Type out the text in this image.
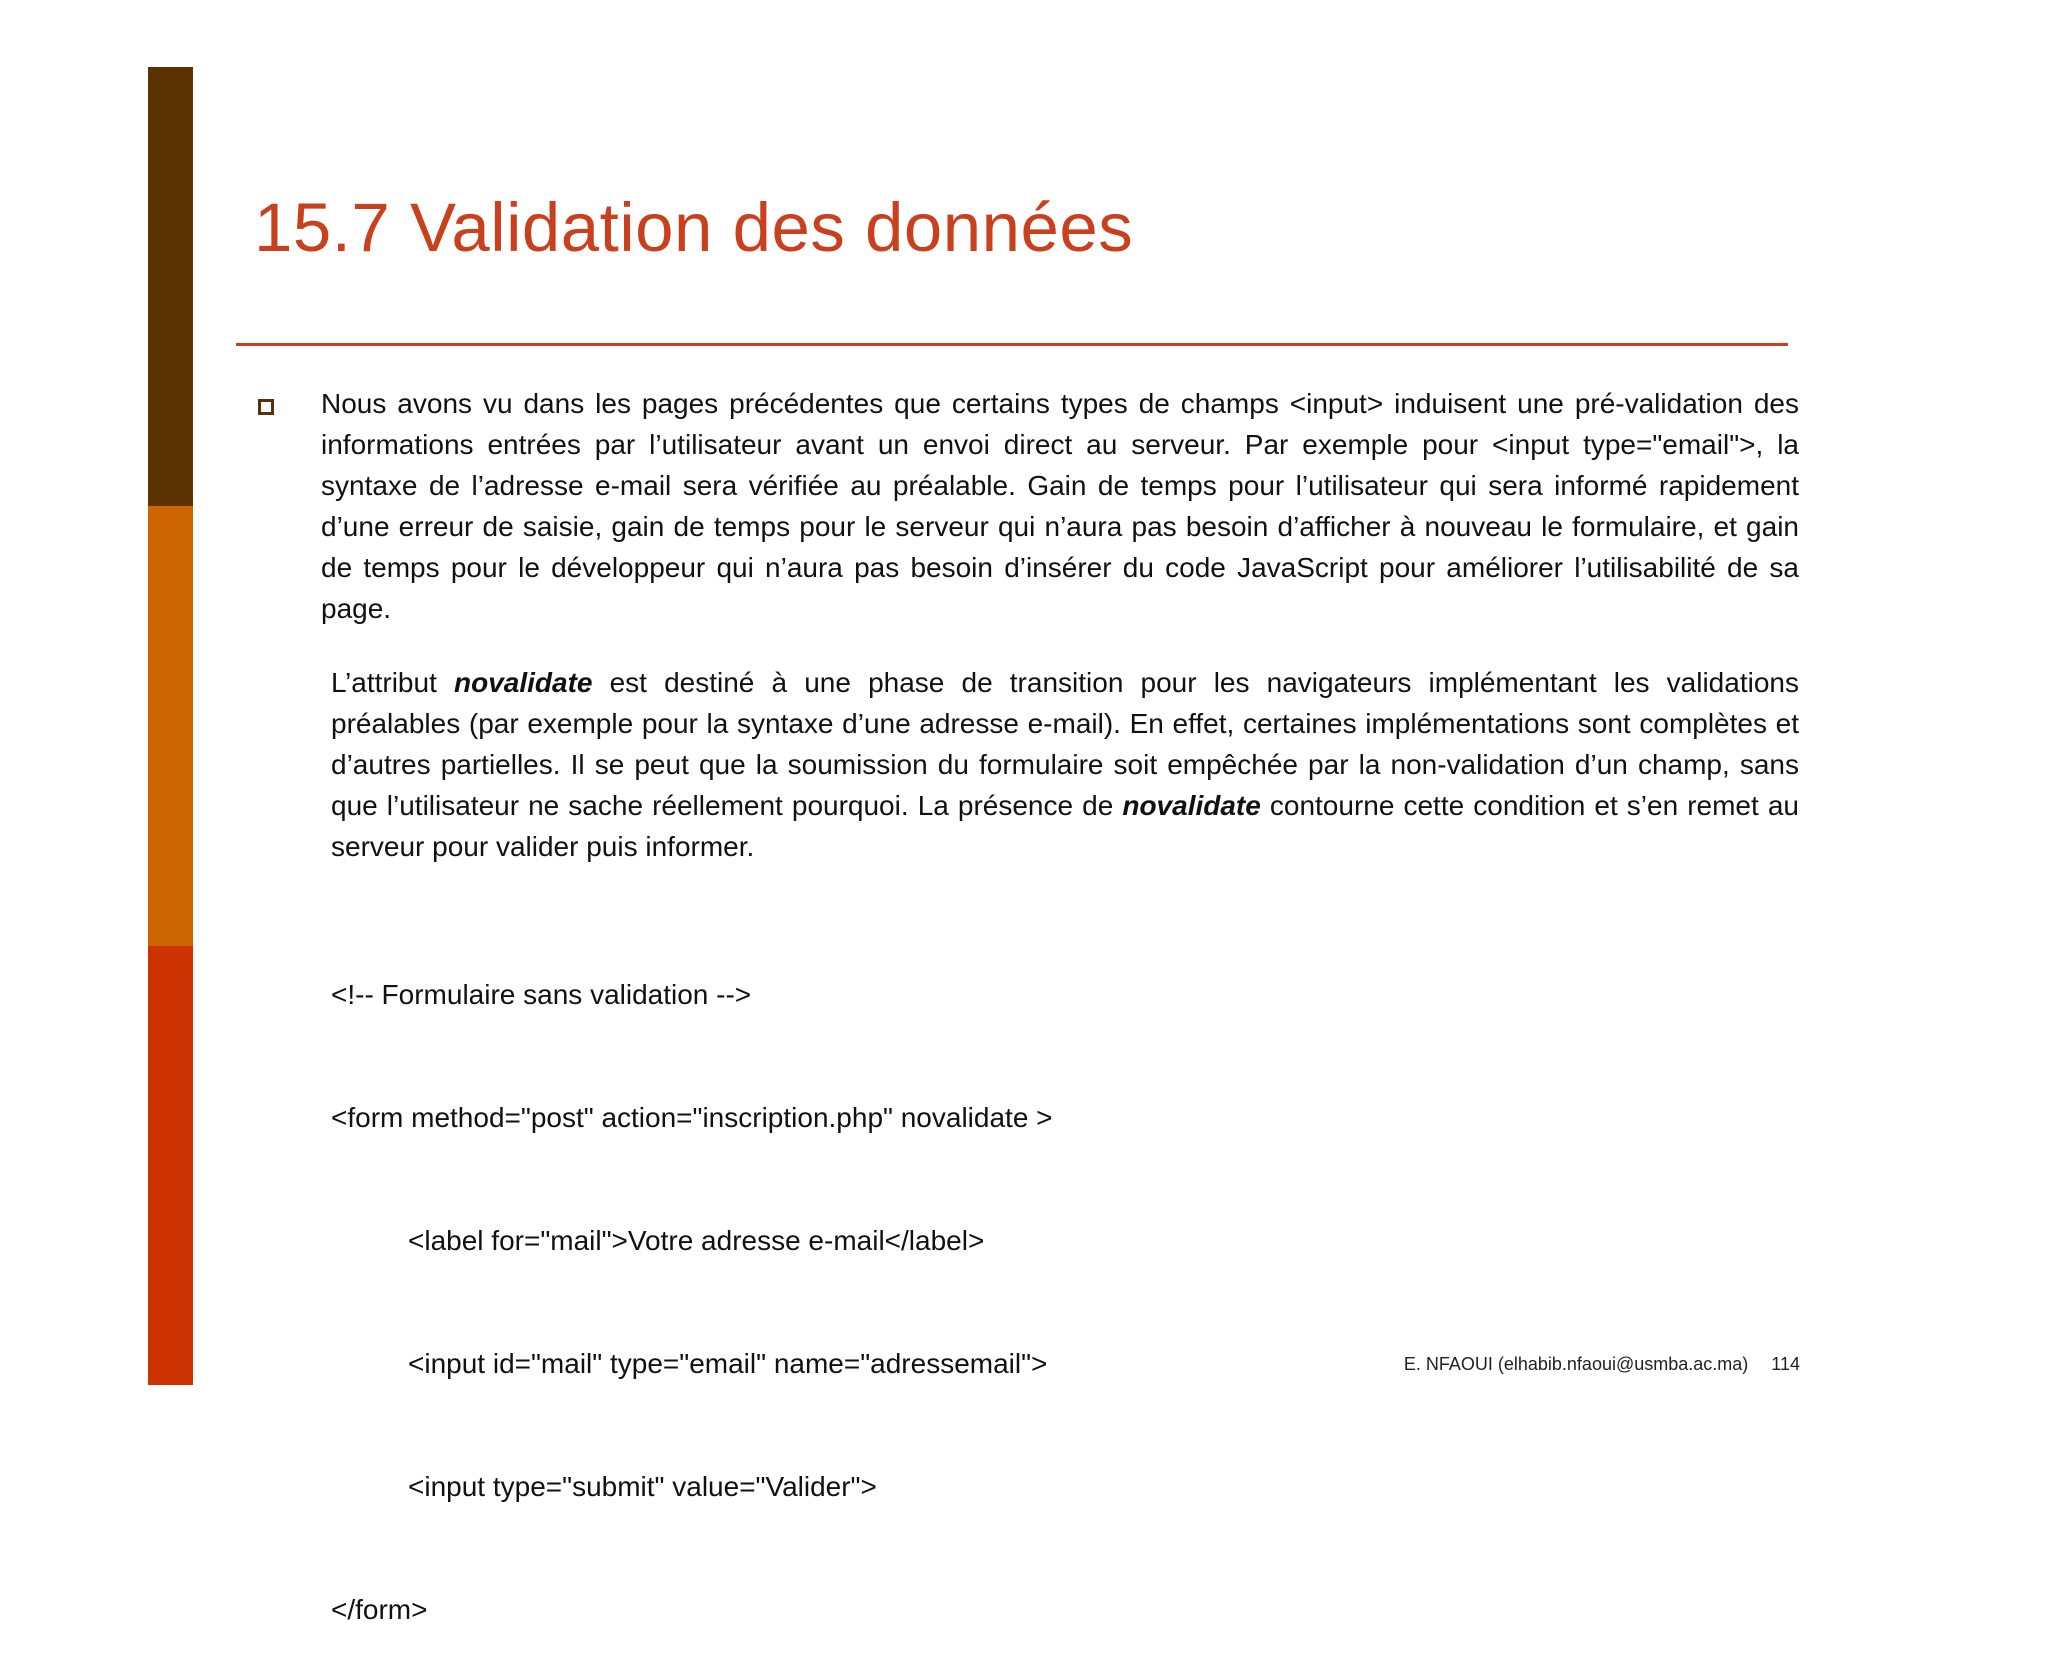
15.7 Validation des données

Nous avons vu dans les pages précédentes que certains types de champs <input> induisent une pré-validation des informations entrées par l’utilisateur avant un envoi direct au serveur. Par exemple pour <input type="email">, la syntaxe de l’adresse e-mail sera vérifiée au préalable. Gain de temps pour l’utilisateur qui sera informé rapidement d’une erreur de saisie, gain de temps pour le serveur qui n’aura pas besoin d’afficher à nouveau le formulaire, et gain de temps pour le développeur qui n’aura pas besoin d’insérer du code JavaScript pour améliorer l’utilisabilité de sa page.

L’attribut novalidate est destiné à une phase de transition pour les navigateurs implémentant les validations préalables (par exemple pour la syntaxe d’une adresse e-mail). En effet, certaines implémentations sont complètes et d’autres partielles. Il se peut que la soumission du formulaire soit empêchée par la non-validation d’un champ, sans que l’utilisateur ne sache réellement pourquoi. La présence de novalidate contourne cette condition et s’en remet au serveur pour valider puis informer.

<!-- Formulaire sans validation -->

<form method="post" action="inscription.php" novalidate >

<label for="mail">Votre adresse e-mail</label>

<input id="mail" type="email" name="adressemail">

<input type="submit" value="Valider">

</form>

E. NFAOUI (elhabib.nfaoui@usmba.ac.ma) 114
